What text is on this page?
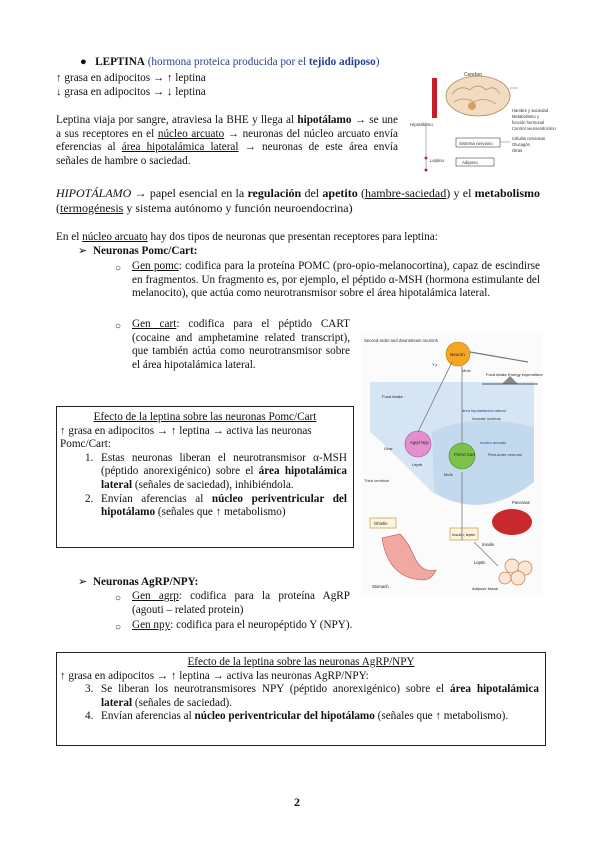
● LEPTINA (hormona proteica producida por el tejido adiposo)
↑ grasa en adipocitos → ↑ leptina
↓ grasa en adipocitos → ↓ leptina

Leptina viaja por sangre, atraviesa la BHE y llega al hipotálamo → se une a sus receptores en el núcleo arcuato → neuronas del núcleo arcuato envía eferencias al área hipotalámica lateral → neuronas de este área envía señales de hambre o saciedad.

Cerebro
Hipotálamo
Hambre y saciedad
Metabolismo y
función hormonal
Control neuroendocrino
Sistema nervioso
Células nerviosas
Glucagón
Otras
Adiposo
Leptina

HIPOTÁLAMO → papel esencial en la regulación del apetito (hambre-saciedad) y el metabolismo (termogénesis y sistema autónomo y función neuroendocrina)

En el núcleo arcuato hay dos tipos de neuronas que presentan receptores para leptina:
➢ Neuronas Pomc/Cart:
○ Gen pomc: codifica para la proteína POMC (pro-opio-melanocortina), capaz de escindirse en fragmentos. Un fragmento es, por ejemplo, el péptido α-MSH (hormona estimulante del melanocito), que actúa como neurotransmisor sobre el área hipotalámica lateral.

○ Gen cart: codifica para el péptido CART (cocaine and amphetamine related transcript), que también actúa como neurotransmisor sobre el área hipotalámica lateral.

Efecto de la leptina sobre las neuronas Pomc/Cart
↑ grasa en adipocitos → ↑ leptina → activa las neuronas Pomc/Cart:
1. Estas neuronas liberan el neurotransmisor α-MSH (péptido anorexigénico) sobre el área hipotalámica lateral (señales de saciedad), inhibiéndola.

2. Envían aferencias al núcleo periventricular del hipotálamo (señales que ↑ metabolismo)

➢ Neuronas AgRP/NPY:
○ Gen agrp: codifica para la proteína AgRP (agouti – related protein)

○ Gen npy: codifica para el neuropéptido Y (NPY).
Second-order and downstream neurons
Neuron
Mc4r
Y₁r
Food intake Energy expenditure
Food intake
área hipotalámica lateral
Arcuate nucleus
núcleo arcuato
First-order neurons
Agrp/ Npy
Pomc/ Cart
Mc3r
Leprb
Ghsr
Third ventricle
Ghrelin
Stomach
Insulin, leptin
Pancreas
Insulin
Leptin
Adipose tissue
Efecto de la leptina sobre las neuronas AgRP/NPY
↑ grasa en adipocitos → ↑ leptina → activa las neuronas AgRP/NPY:
3. Se liberan los neurotransmisores NPY (péptido anorexigénico) sobre el área hipotalámica lateral (señales de saciedad).

4. Envían aferencias al núcleo periventricular del hipotálamo (señales que ↑ metabolismo).

2
